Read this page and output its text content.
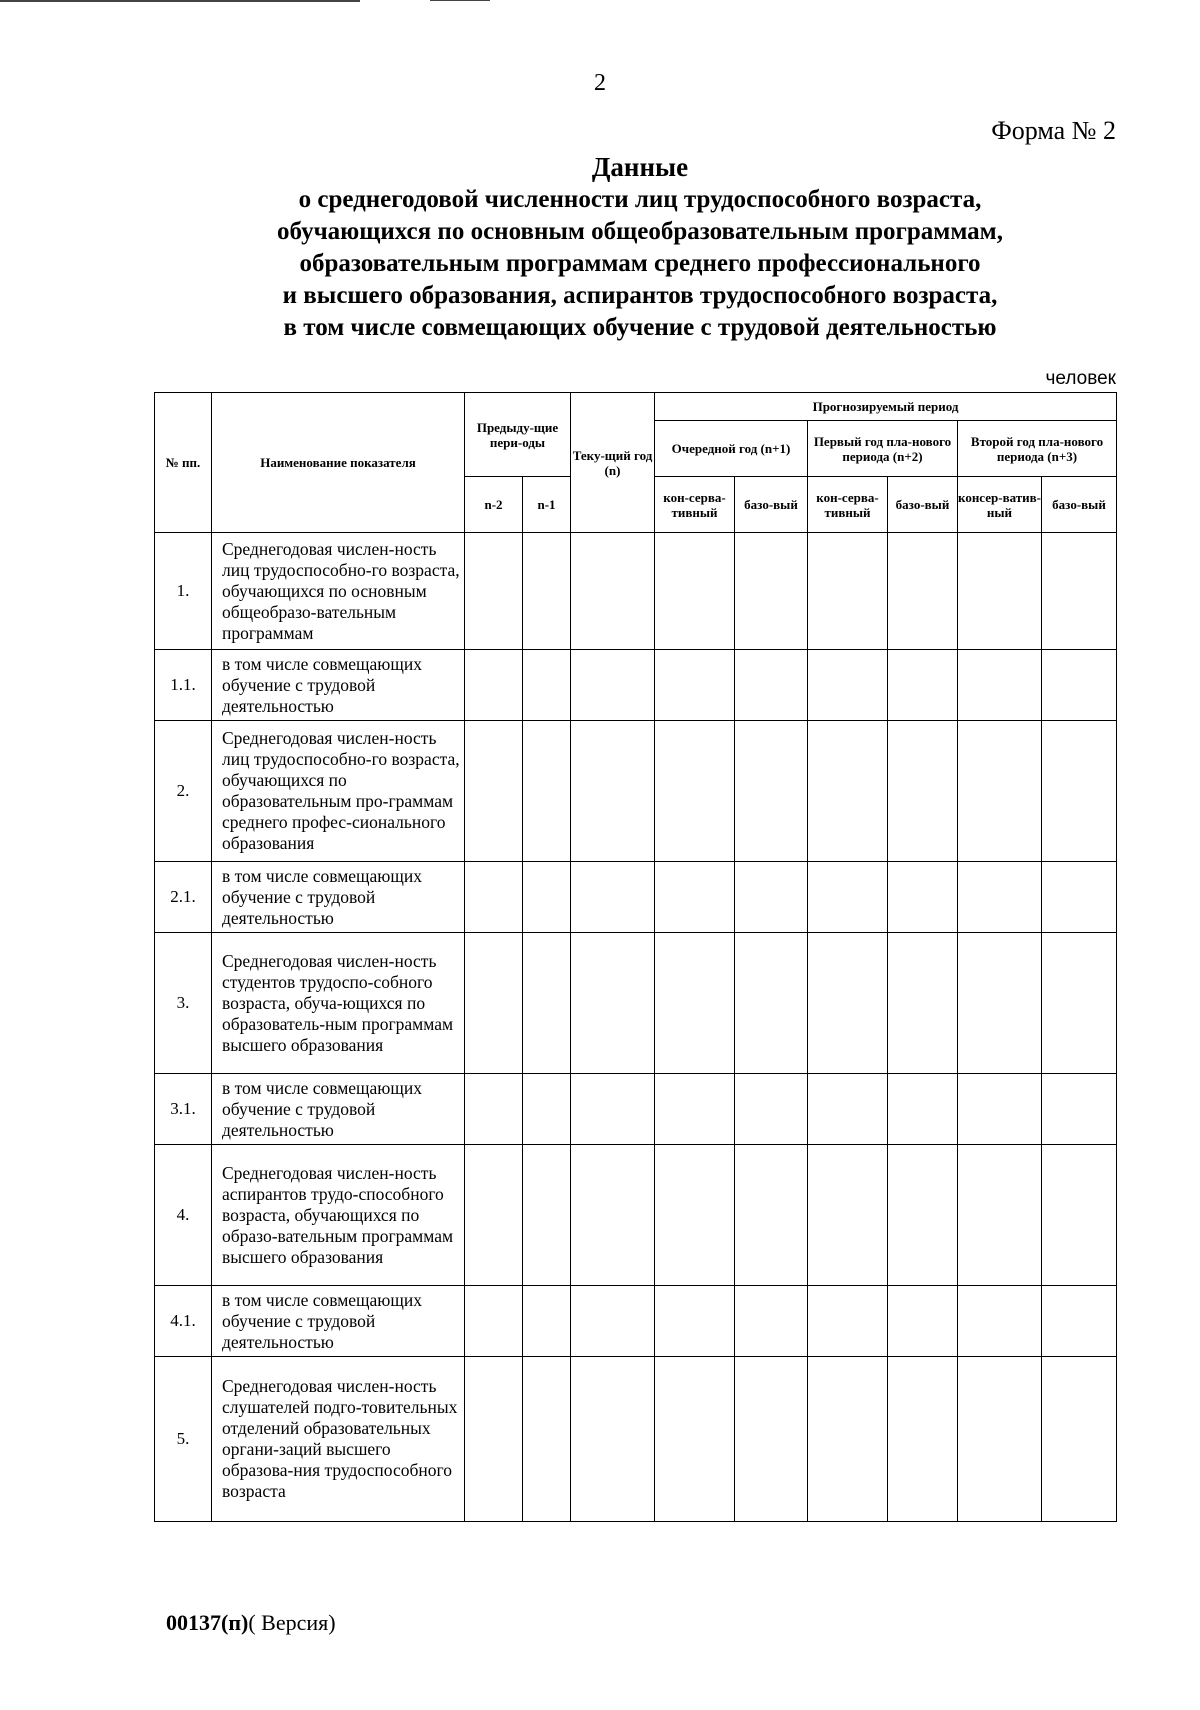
2
Форма № 2
Данные
о среднегодовой численности лиц трудоспособного возраста,
обучающихся по основным общеобразовательным программам,
образовательным программам среднего профессионального
и высшего образования, аспирантов трудоспособного возраста,
в том числе совмещающих обучение с трудовой деятельностью
человек
№ пп.	Наименование показателя	Предыду-щие пери-оды		Теку-щий год (n)	Прогнозируемый период					
					Очередной год (n+1)		Первый год пла-нового периода (n+2)		Второй год пла-нового периода (n+3)	
		n-2	n-1		кон-серва-тивный	базо-вый	кон-серва-тивный	базо-вый	консер-ватив-ный	базо-вый
1.	Среднегодовая числен-ность лиц трудоспособно-го возраста, обучающихся по основным общеобразо-вательным программам									
1.1.	в том числе совмещающих обучение с трудовой деятельностью									
2.	Среднегодовая числен-ность лиц трудоспособно-го возраста, обучающихся по образовательным про-граммам среднего профес-сионального образования									
2.1.	в том числе совмещающих обучение с трудовой деятельностью									
3.	Среднегодовая числен-ность студентов трудоспо-собного возраста, обуча-ющихся по образователь-ным программам высшего образования									
3.1.	в том числе совмещающих обучение с трудовой деятельностью									
4.	Среднегодовая числен-ность аспирантов трудо-способного возраста, обучающихся по образо-вательным программам высшего образования									
4.1.	в том числе совмещающих обучение с трудовой деятельностью									
5.	Среднегодовая числен-ность слушателей подго-товительных отделений образовательных органи-заций высшего образова-ния трудоспособного возраста									
00137(п)( Версия)
